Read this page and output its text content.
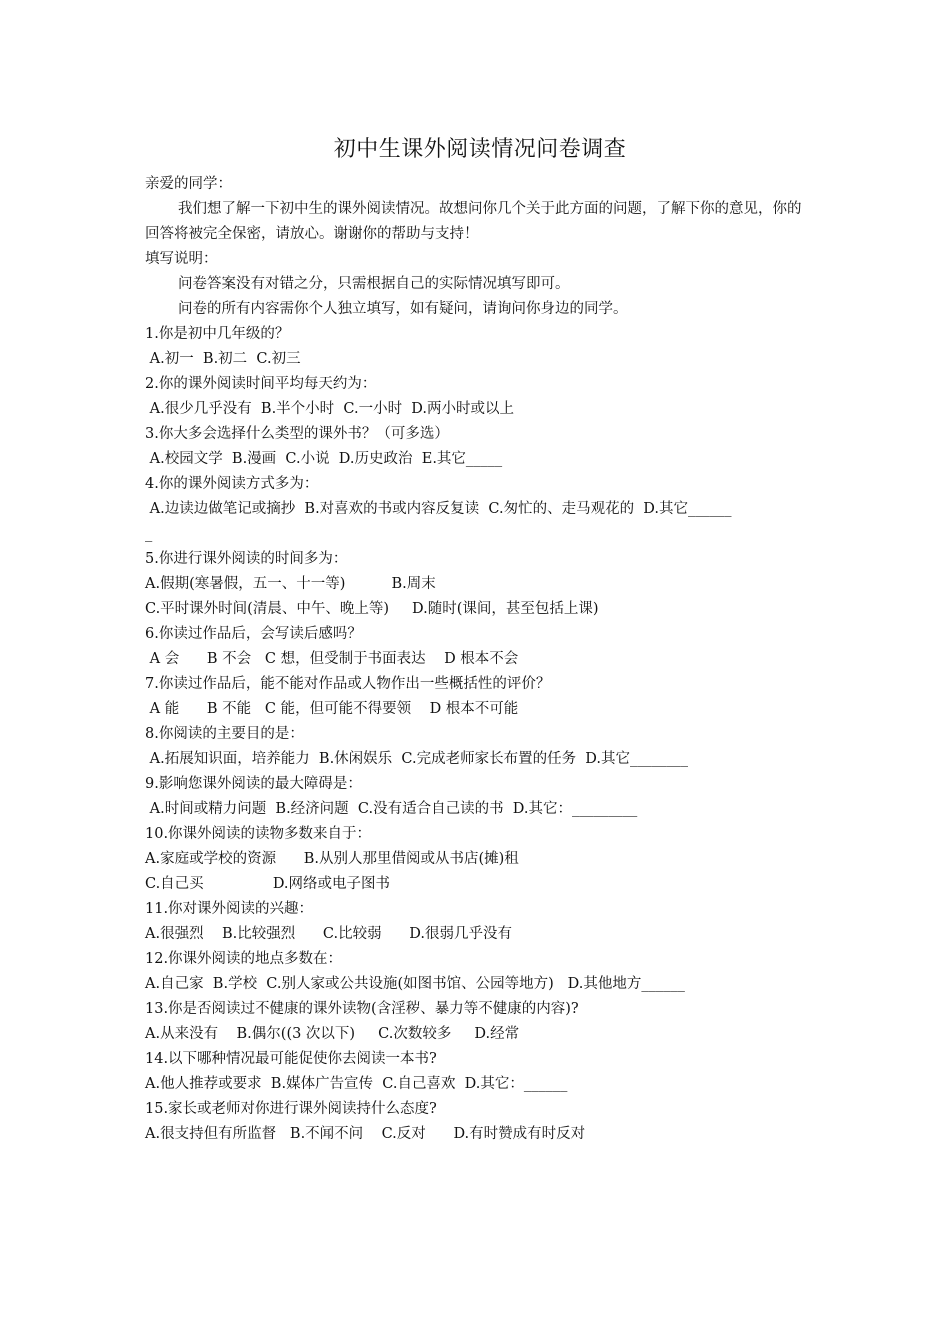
初中生课外阅读情况问卷调查
亲爱的同学：
我们想了解一下初中生的课外阅读情况。故想问你几个关于此方面的问题，了解下你的意见，你的回答将被完全保密，请放心。谢谢你的帮助与支持！
填写说明：
问卷答案没有对错之分，只需根据自己的实际情况填写即可。
问卷的所有内容需你个人独立填写，如有疑问，请询问你身边的同学。
1.你是初中几年级的？
A.初一  B.初二  C.初三
2.你的课外阅读时间平均每天约为：
A.很少几乎没有  B.半个小时  C.一小时  D.两小时或以上
3.你大多会选择什么类型的课外书？（可多选）
A.校园文学  B.漫画  C.小说  D.历史政治  E.其它_____
4.你的课外阅读方式多为：
A.边读边做笔记或摘抄  B.对喜欢的书或内容反复读  C.匆忙的、走马观花的  D.其它______
_
5.你进行课外阅读的时间多为：
A.假期(寒暑假，五一、十一等)          B.周末
C.平时课外时间(清晨、中午、晚上等)     D.随时(课间，甚至包括上课)
6.你读过作品后，会写读后感吗？
A 会      B 不会   C 想，但受制于书面表达    D 根本不会
7.你读过作品后，能不能对作品或人物作出一些概括性的评价？
A 能      B 不能   C 能，但可能不得要领    D 根本不可能
8.你阅读的主要目的是：
A.拓展知识面，培养能力  B.休闲娱乐  C.完成老师家长布置的任务  D.其它________
9.影响您课外阅读的最大障碍是：
A.时间或精力问题  B.经济问题  C.没有适合自己读的书  D.其它：_________
10.你课外阅读的读物多数来自于：
A.家庭或学校的资源      B.从别人那里借阅或从书店(摊)租
C.自己买               D.网络或电子图书
11.你对课外阅读的兴趣：
A.很强烈    B.比较强烈      C.比较弱      D.很弱几乎没有
12.你课外阅读的地点多数在：
A.自己家  B.学校  C.别人家或公共设施(如图书馆、公园等地方)   D.其他地方______
13.你是否阅读过不健康的课外读物(含淫秽、暴力等不健康的内容)?
A.从来没有    B.偶尔((3 次以下)     C.次数较多     D.经常
14.以下哪种情况最可能促使你去阅读一本书?
A.他人推荐或要求  B.媒体广告宣传  C.自己喜欢  D.其它：______
15.家长或老师对你进行课外阅读持什么态度?
A.很支持但有所监督   B.不闻不问    C.反对      D.有时赞成有时反对
